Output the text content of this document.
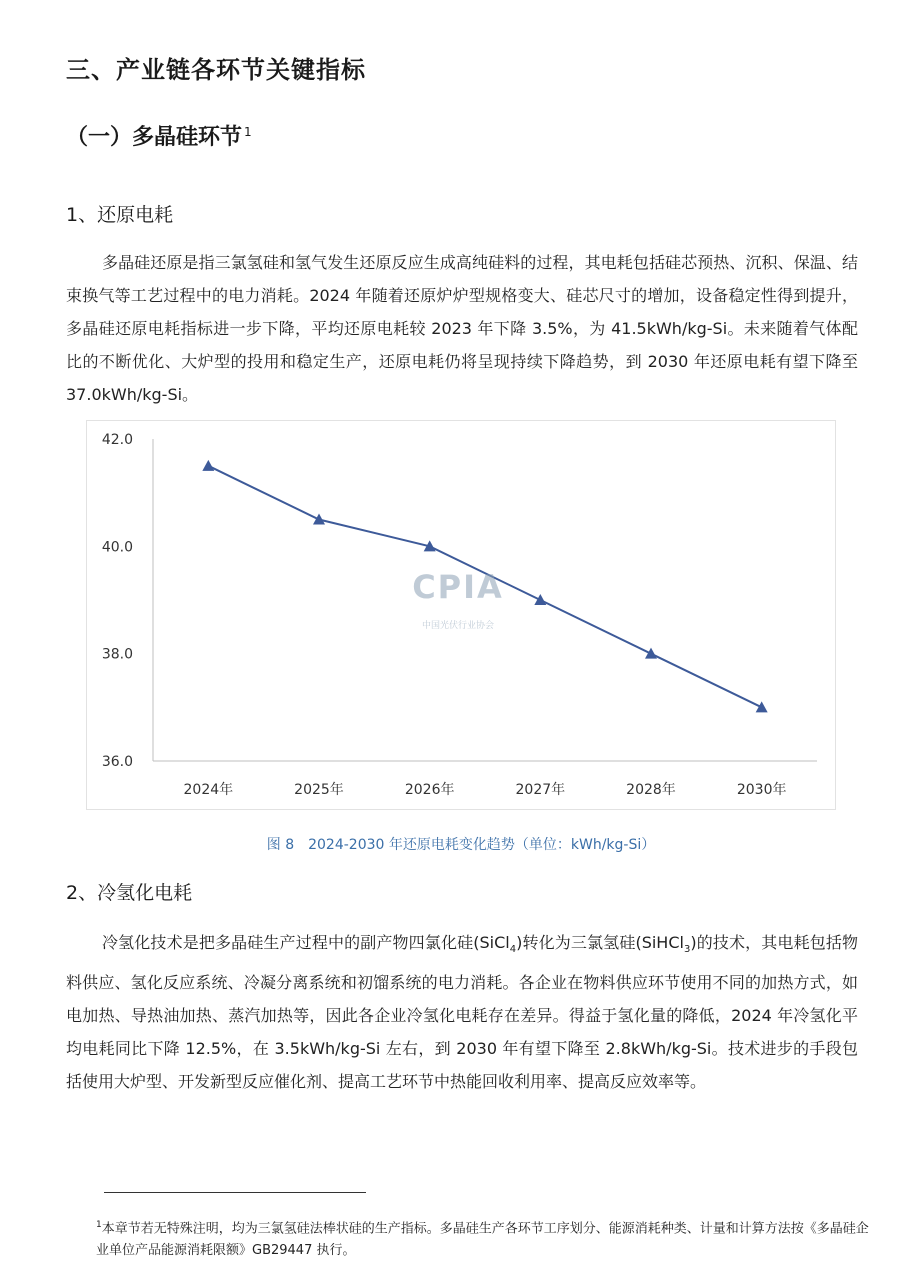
三、产业链各环节关键指标
（一）多晶硅环节 $^1$
1、还原电耗

多晶硅还原是指三氯氢硅和氢气发生还原反应生成高纯硅料的过程，其电耗包括硅芯预热、沉积、保温、结束换气等工艺过程中的电力消耗。2024 年随着还原炉炉型规格变大、硅芯尺寸的增加，设备稳定性得到提升，多晶硅还原电耗指标进一步下降，平均还原电耗较 2023 年下降 3.5%，为 41.5kWh/kg-Si。未来随着气体配比的不断优化、大炉型的投用和稳定生产，还原电耗仍将呈现持续下降趋势，到 2030 年还原电耗有望下降至 37.0kWh/kg-Si。

42.0
40.0
38.0
36.0
2024年	2025年	2026年	2027年	2028年	2030年
CPIA
中国光伏行业协会
图 8 2024-2030 年还原电耗变化趋势（单位：kWh/kg-Si）
2、冷氢化电耗

冷氢化技术是把多晶硅生产过程中的副产物四氯化硅(SiCl$_4$)转化为三氯氢硅(SiHCl$_3$)的技术，其电耗包括物料供应、氢化反应系统、冷凝分离系统和初馏系统的电力消耗。各企业在物料供应环节使用不同的加热方式，如电加热、导热油加热、蒸汽加热等，因此各企业冷氢化电耗存在差异。得益于氢化量的降低，2024 年冷氢化平均电耗同比下降 12.5%，在 3.5kWh/kg-Si 左右，到 2030 年有望下降至 2.8kWh/kg-Si。技术进步的手段包括使用大炉型、开发新型反应催化剂、提高工艺环节中热能回收利用率、提高反应效率等。

$^1$本章节若无特殊注明，均为三氯氢硅法棒状硅的生产指标。多晶硅生产各环节工序划分、能源消耗种类、计量和计算方法按《多晶硅企业单位产品能源消耗限额》GB29447 执行。
